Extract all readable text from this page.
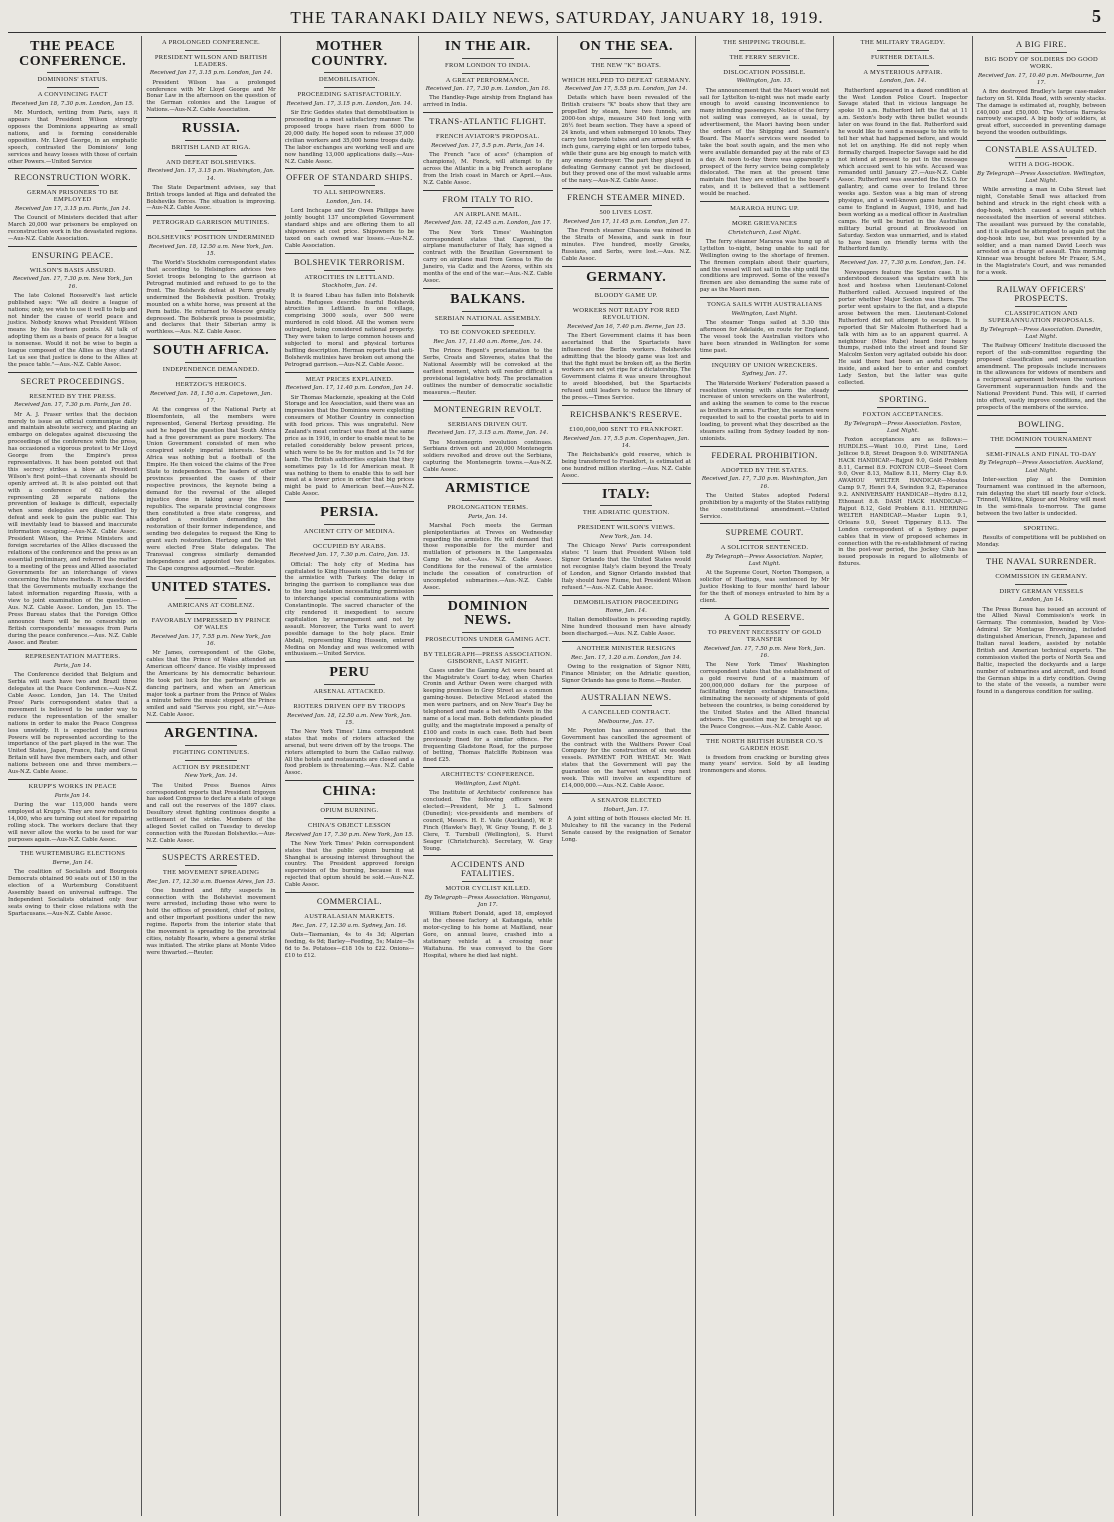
THE TARANAKI DAILY NEWS, SATURDAY, JANUARY 18, 1919.	5
THE PEACE CONFERENCE.
DOMINIONS' STATUS.
A CONVINCING FACT
Received Jan 18, 7.30 p.m. London, Jan 15.

Mr. Murdoch, writing from Paris, says it appears that President Wilson strongly opposes the Dominions appearing as small nations, and is forming considerable opposition. Mr. Lloyd George, in an emphatic speech, contrasted the Dominions' long services and heavy losses with those of certain other Powers.—United Service

RECONSTRUCTION WORK.
GERMAN PRISONERS TO BE EMPLOYED
Received Jan 17, 3.15 p.m. Paris, Jan 14.

The Council of Ministers decided that after March 20,000 war prisoners be employed on reconstruction work in the devastated regions.—Aus-N.Z. Cable Association.

ENSURING PEACE.
WILSON'S BASIS ABSURD.
Received Jan. 17, 7.30 p.m. New York, Jan 16.

The late Colonel Roosevelt's last article published says: "We all desire a league of nations; only, we wish to use it well to help and not hinder the cause of world peace and justice. Nobody knows what President Wilson means by his fourteen points. All talk of adopting them as a basis of peace for a league is nonsense. Would it not be wise to begin a league composed of the Allies as they stand? Let us see that justice is done to the Allies at the peace table."—Aus.-N.Z. Cable Assoc.

SECRET PROCEEDINGS.
RESENTED BY THE PRESS.
Received Jan. 17, 7.30 p.m. Paris, Jan 16.

Mr A. J. Fraser writes that the decision merely to issue an official communique daily and maintain absolute secrecy, and placing an embargo on delegates against discussing the proceedings of the conference with the press, has occasioned a vigorous protest to Mr Lloyd George from the Empire's press representatives. It has been pointed out that this secrecy strikes a blow at President Wilson's first point—that covenants should be openly arrived at. It is also pointed out that with a conference of 62 delegates representing 28 separate nations the prevention of leakage is difficult, especially when some delegates are disgruntled by defeat and seek to gain the public ear. This will inevitably lead to biassed and inaccurate information escaping.—Aus-N.Z. Cable Assoc. President Wilson, the Prime Ministers and foreign secretaries of the Allies discussed the relations of the conference and the press as an essential preliminary, and referred the matter to a meeting of the press and Allied associated Governments for an interchange of views concerning the future methods. It was decided that the Governments mutually exchange the latest information regarding Russia, with a view to joint examination of the question.—Aus. N.Z. Cable Assoc. London, Jan 15. The Press Bureau states that the Foreign Office announce there will be no censorship on British correspondents' messages from Paris during the peace conference.—Aus. N.Z. Cable Assoc. and Reuter.

REPRESENTATION MATTERS.
Paris, Jan 14.

The Conference decided that Belgium and Serbia will each have two and Brazil three delegates at the Peace Conference.—Aus-N.Z. Cable Assoc. London, Jan 14. The United Press' Paris correspondent states that a movement is believed to be under way to reduce the representation of the smaller nations in order to make the Peace Congress less unwieldy. It is expected the various Powers will be represented according to the importance of the part played in the war. The United States, Japan, France, Italy and Great Britain will have five members each, and other nations between one and three members.—Aus-N.Z. Cable Assoc.

KRUPP'S WORKS IN PEACE
Paris Jan 14.

During the war 115,000 hands were employed at Krupp's. They are now reduced to 14,000, who are turning out steel for repairing rolling stock. The workers declare that they will never allow the works to be used for war purposes again.—Aus-N.Z. Cable Assoc.

THE WURTEMBURG ELECTIONS
Berne, Jan 14.

The coalition of Socialists and Bourgeois Democrats obtained 90 seats out of 150 in the election of a Wurtemburg Constituent Assembly based on universal suffrage. The Independent Socialists obtained only four seats owing to their close relations with the Spartacusans.—Aus-N.Z. Cable Assoc.

A PROLONGED CONFERENCE.
PRESIDENT WILSON AND BRITISH LEADERS.
Received Jan 17, 3.15 p.m. London, Jan 14.

President Wilson has a prolonged conference with Mr Lloyd George and Mr Bonar Law in the afternoon on the question of the German colonies and the League of Nations.—Aus-N.Z. Cable Association.

RUSSIA.
BRITISH LAND AT RIGA.
AND DEFEAT BOLSHEVIKS.
Received Jan. 17, 3.15 p.m. Washington, Jan. 14.

The State Department advises, say that British troops landed at Riga and defeated the Bolsheviks forces. The situation is improving.—Aus-N.Z. Cable Assoc.

PETROGRAD GARRISON MUTINIES.
BOLSHEVIKS' POSITION UNDERMINED
Received Jan. 18, 12.50 a.m. New York, Jan. 15.

The World's Stockholm correspondent states that according to Helsingfors advices two Soviet troops belonging to the garrison at Petrograd mutinied and refused to go to the front. The Bolshevik defeat at Perm greatly undermined the Bolshevik position. Trotsky, mounted on a white horse, was present at the Perm battle. He returned to Moscow greatly depressed. The Bolshevik press is pessimistic, and declares that their Siberian army is worthless.—Aus. N.Z. Cable Assoc.

SOUTH AFRICA.
INDEPENDENCE DEMANDED.
HERTZOG'S HEROICS.
Received Jan. 18, 1.50 a.m. Capetown, Jan. 17.

At the congress of the National Party at Bloemfontein, all the members were represented, General Hertzog presiding. He said he hoped the question that South Africa had a free government as pure mockery. The Union Government consisted of men who conspired solely imperial interests. South Africa was nothing but a football of the Empire. He then voiced the claims of the Free State to independence. The leaders of other provinces presented the cases of their respective provinces, the keynote being a demand for the reversal of the alleged injustice done in taking away the Boer republics. The separate provincial congresses then constituted a free state congress, and adopted a resolution demanding the restoration of their former independence, and sending two delegates to request the King to grant such restoration. Hertzog and De Wet were elected Free State delegates. The Transvaal congress similarly demanded independence and appointed two delegates. The Cape congress adjourned.—Reuter.

UNITED STATES.
AMERICANS AT COBLENZ.
FAVORABLY IMPRESSED BY PRINCE OF WALES
Received Jan. 17, 7.55 p.m. New York, Jan 16.

Mr James, correspondent of the Globe, cables that the Prince of Wales attended an American officers' dance. He visibly impressed the Americans by his democratic behaviour. He took pot luck for the partners' girls as dancing partners, and when an American major took a partner from the Prince of Wales a minute before the music stopped the Prince smiled and said "Serves you right, sir."—Aus-N.Z. Cable Assoc.

ARGENTINA.
FIGHTING CONTINUES.
ACTION BY PRESIDENT
New York, Jan. 14.

The United Press Buenos Aires correspondent reports that President Irigoyen has asked Congress to declare a state of siege and call out the reserves of the 1897 class. Desultory street fighting continues despite a settlement of the strike. Members of the alleged Soviet called on Tuesday to develop connection with the Russian Bolsheviks.—Aus-N.Z. Cable Assoc.

SUSPECTS ARRESTED.
THE MOVEMENT SPREADING
Rec Jan. 17, 12.30 a.m. Buenos Aires, Jan 15.

One hundred and fifty suspects in connection with the Bolshevist movement were arrested, including those who were to hold the offices of president, chief of police, and other important positions under the new regime. Reports from the interior state that the movement is spreading to the provincial cities, notably Rosario, where a general strike was initiated. The strike plans at Monte Video were thwarted.—Reuter.

MOTHER COUNTRY.
DEMOBILISATION.
PROCEEDING SATISFACTORILY.
Received Jan. 17, 3.15 p.m. London, Jan. 14.

Sir Eric Geddes states that demobilisation is proceeding in a most satisfactory manner. The proposed troops have risen from 6000 to 20,000 daily. He hoped soon to release 37,000 civilian workers and 35,000 home troops daily. The labor exchanges are working well and are now handling 13,000 applications daily.—Aus-N.Z. Cable Assoc.

OFFER OF STANDARD SHIPS.
TO ALL SHIPOWNERS.
London, Jan. 14.

Lord Inchcape and Sir Owen Philipps have jointly bought 137 uncompleted Government standard ships and are offering them to all shipowners at cost price. Shipowners to be taxed on each owned war losses.—Aus-N.Z. Cable Association.

BOLSHEVIK TERRORISM.
ATROCITIES IN LETTLAND.
Stockholm, Jan. 14.

It is feared Libau has fallen into Bolshevik hands. Refugees describe fearful Bolshevik atrocities in Lettland. In one village, comprising 3000 souls, over 500 were murdered in cold blood. All the women were outraged, being considered national property. They were taken to large common houses and subjected to moral and physical tortures baffling description. Herman reports that anti-Bolshevik mutinies have broken out among the Petrograd garrison.—Aus-N.Z. Cable Assoc.

MEAT PRICES EXPLAINED.
Received Jan. 17, 11.40 p.m. London, Jan 14.

Sir Thomas Mackenzie, speaking at the Cold Storage and Ice Association, said there was an impression that the Dominions were exploiting consumers of Mother Country in connection with food prices. This was ungrateful. New Zealand's meat contract was fixed at the same price as in 1916, in order to enable meat to be retailed considerably below present prices, which were to be 9s for mutton and 1s 7d for lamb. The British authorities explain that they sometimes pay 1s 1d for American meat. It was nothing to them to enable this to sell her meat at a lower price in order that big prices might be paid to American beef.—Aus-N.Z. Cable Assoc.

PERSIA.
ANCIENT CITY OF MEDINA.
OCCUPIED BY ARABS.
Received Jan. 17, 7.30 p.m. Cairo, Jan. 15.

Official: The holy city of Medina has capitulated to King Hussein under the terms of the armistice with Turkey. The delay in bringing the garrison to compliance was due to the long isolation necessitating permission to interchange special communications with Constantinople. The sacred character of the city rendered it inexpedient to secure capitulation by arrangement and not by assault. Moreover, the Turks want to avert possible damage to the holy place. Emir Abdali, representing King Hussein, entered Medina on Monday and was welcomed with enthusiasm.—United Service.

PERU
ARSENAL ATTACKED.
RIOTERS DRIVEN OFF BY TROOPS
Received Jan. 18, 12.50 a.m. New York, Jan. 15.

The New York Times' Lima correspondent states that mobs of rioters attacked the arsenal, but were driven off by the troops. The rioters attempted to burn the Callao railway. All the hotels and restaurants are closed and a food problem is threatening.—Aus. N.Z. Cable Assoc.

CHINA:
OPIUM BURNING.
CHINA'S OBJECT LESSON
Received Jan 17, 7.30 p.m. New York, Jan 15.

The New York Times' Pekin correspondent states that the public opium burning at Shanghai is arousing interest throughout the country. The President approved foreign supervision of the burning, because it was rejected that opium should be sold.—Aus-N.Z. Cable Assoc.

COMMERCIAL.
AUSTRALASIAN MARKETS.
Rec. Jan. 17, 12.30 a.m. Sydney, Jan. 16.

Oats—Tasmanian, 4s to 4s 3d; Algerian feeding, 4s 9d; Barley—Feeding, 5s; Maize—5s 6d to 5s. Potatoes—£18 10s to £22. Onions—£10 to £12.

IN THE AIR.
FROM LONDON TO INDIA.
A GREAT PERFORMANCE.
Received Jan. 17, 7.30 p.m. London, Jan 16.

The Handley-Page airship from England has arrived in India.

TRANS-ATLANTIC FLIGHT.
FRENCH AVIATOR'S PROPOSAL.
Received Jan. 17, 5.5 p.m. Paris, Jan 14.

The French "ace of aces" (champion of champions), M. Fonck, will attempt to fly across the Atlantic in a big French aeroplane from the Irish coast in March or April.—Aus. N.Z. Cable Assoc.

FROM ITALY TO RIO.
AN AIRPLANE MAIL.
Received Jan. 18, 12.45 a.m. London, Jan 17.

The New York Times' Washington correspondent states that Caproni, the airplane manufacturer of Italy, has signed a contract with the Brazilian Government to carry on airplane mail from Genoa to Rio de Janeiro, via Cadiz and the Azores, within six months of the end of the war.—Aus.-N.Z. Cable Assoc.

BALKANS.
SERBIAN NATIONAL ASSEMBLY.
TO BE CONVOKED SPEEDILY.
Rec Jan. 17, 11.40 a.m. Rome, Jan. 14.

The Prince Regent's proclamation to the Serbs, Croats and Slovenes, states that the National Assembly will be convoked at the earliest moment, which will render difficult a provisional legislative body. The proclamation outlines the number of democratic socialistic measures.—Reuter.

MONTENEGRIN REVOLT.
SERBIANS DRIVEN OUT.
Received Jan. 17, 3.15 a.m. Rome, Jan. 14.

The Montenegrin revolution continues. Serbians driven out and 20,000 Montenegrin soldiers revolted and drove out the Serbians, capturing the Montenegrin towns.—Aus-N.Z. Cable Assoc.

ARMISTICE
PROLONGATION TERMS.
Paris, Jan. 14.

Marshal Foch meets the German plenipotentiaries at Treves on Wednesday regarding the armistice. He will demand that those responsible for the murder and mutilation of prisoners in the Langensalza Camp be shot.—Aus. N.Z. Cable Assoc. Conditions for the renewal of the armistice include the cessation of construction of uncompleted submarines.—Aus.-N.Z. Cable Assoc.

DOMINION NEWS.
PROSECUTIONS UNDER GAMING ACT.
BY TELEGRAPH—PRESS ASSOCIATION. GISBORNE, LAST NIGHT.

Cases under the Gaming Act were heard at the Magistrate's Court to-day, when Charles Cronin and Arthur Owen were charged with keeping premises in Grey Street as a common gaming-house. Detective McLeod stated the men were partners, and on New Year's Day he telephoned and made a bet with Owen in the name of a local man. Both defendants pleaded guilty, and the magistrate imposed a penalty of £100 and costs in each case. Both had been previously fined for a similar offence. For frequenting Gladstone Road, for the purpose of betting, Thomas Ratcliffe Robinson was fined £25.

ARCHITECTS' CONFERENCE.
Wellington, Last Night.

The Institute of Architects' conference has concluded. The following officers were elected:—President, Mr J. L. Salmond (Dunedin); vice-presidents and members of council, Messrs. H. E. Vaile (Auckland), W. P. Finch (Hawke's Bay), W. Gray Young, F. de J. Clere, T. Turnbull (Wellington), S. Hurst Seager (Christchurch). Secretary, W. Gray Young.

ACCIDENTS AND FATALITIES.
MOTOR CYCLIST KILLED.
By Telegraph—Press Association. Wanganui, Jan 17.

William Robert Donald, aged 18, employed at the cheese factory at Kaitangata, while motor-cycling to his home at Maitland, near Gore, on annual leave, crashed into a stationary vehicle at a crossing near Waitahuna. He was conveyed to the Gore Hospital, where he died last night.

ON THE SEA.
THE NEW "K" BOATS.
WHICH HELPED TO DEFEAT GERMANY.
Received Jan 17, 5.55 p.m. London, Jan 14.

Details which have been revealed of the British cruisers "K" boats show that they are propelled by steam, have two funnels, are 2000-ton ships, measure 340 feet long with 26½ feet beam section. They have a speed of 24 knots, and when submerged 10 knots. They carry ten torpedo tubes and are armed with 4-inch guns, carrying eight or ten torpedo tubes, while their guns are big enough to match with any enemy destroyer. The part they played in defeating Germany cannot yet be disclosed, but they proved one of the most valuable arms of the navy.—Aus-N.Z. Cable Assoc.

FRENCH STEAMER MINED.
500 LIVES LOST.
Received Jan 17, 11.45 p.m. London, Jan 17.

The French steamer Chaouia was mined in the Straits of Messina, and sank in four minutes. Five hundred, mostly Greeks, Russians, and Serbs, were lost.—Aus. N.Z. Cable Assoc.

GERMANY.
BLOODY GAME UP.
WORKERS NOT READY FOR RED REVOLUTION.
Received Jan 16, 7.40 p.m. Berne, Jan 15.

The Ebert Government claims it has been ascertained that the Spartacists have influenced the Berlin workers. Bolsheviks admitting that the bloody game was lost and that the fight must be broken off, as the Berlin workers are not yet ripe for a dictatorship. The Government claims it was unsure throughout to avoid bloodshed, but the Spartacists refused until leaders to reduce the library of the press.—Times Service.

REICHSBANK'S RESERVE.
£100,000,000 SENT TO FRANKFORT.
Received Jan. 17, 5.5 p.m. Copenhagen, Jan. 14.

The Reichsbank's gold reserve, which is being transferred to Frankfort, is estimated at one hundred million sterling.—Aus. N.Z. Cable Assoc.

ITALY:
THE ADRIATIC QUESTION.
PRESIDENT WILSON'S VIEWS.
New York, Jan. 14.

The Chicago News' Paris correspondent states: "I learn that President Wilson told Signor Orlando that the United States would not recognise Italy's claim beyond the Treaty of London, and Signor Orlando insisted that Italy should have Fiume, but President Wilson refused."—Aus.-N.Z. Cable Assoc.

DEMOBILISATION PROCEEDING
Rome, Jan. 14.

Italian demobilisation is proceeding rapidly. Nine hundred thousand men have already been discharged.—Aus. N.Z. Cable Assoc.

ANOTHER MINISTER RESIGNS
Rec. Jan. 17, 1.20 a.m. London, Jan 14.

Owing to the resignation of Signor Nitti, Finance Minister, on the Adriatic question, Signor Orlando has gone to Rome.—Reuter.

AUSTRALIAN NEWS.
A CANCELLED CONTRACT.
Melbourne, Jan. 17.

Mr. Poynton has announced that the Government has cancelled the agreement of the contract with the Walthers Power Coal Company for the construction of six wooden vessels. PAYMENT FOR WHEAT. Mr. Watt states that the Government will pay the guarantee on the harvest wheat crop next week. This will involve an expenditure of £14,000,000.—Aus.-N.Z. Cable Assoc.

A SENATOR ELECTED
Hobart, Jan. 17.

A joint sitting of both Houses elected Mr. H. Mulcahey to fill the vacancy in the Federal Senate caused by the resignation of Senator Long.

THE SHIPPING TROUBLE.
THE FERRY SERVICE.
DISLOCATION POSSIBLE.
Wellington, Jan. 15.

The announcement that the Maori would not sail for Lyttelton to-night was not made early enough to avoid causing inconvenience to many intending passengers. Notice of the ferry not sailing was conveyed, as is usual, by advertisement, the Maori having been under the orders of the Shipping and Seamen's Board. The Maori's services were needed to take the boat south again, and the men who were available demanded pay at the rate of £3 a day. At noon to-day there was apparently a prospect of the ferry service being completely dislocated. The men at the present time maintain that they are entitled to the board's rates, and it is believed that a settlement would be reached.

MARAROA HUNG UP.
MORE GRIEVANCES
Christchurch, Last Night.

The ferry steamer Mararoa was hung up at Lyttelton to-night, being unable to sail for Wellington owing to the shortage of firemen. The firemen complain about their quarters, and the vessel will not sail in the ship until the conditions are improved. Some of the vessel's firemen are also demanding the same rate of pay as the Maori men.

TONGA SAILS WITH AUSTRALIANS
Wellington, Last Night.

The steamer Tonga sailed at 5.30 this afternoon for Adelaide, en route for England. The vessel took the Australian visitors who have been stranded in Wellington for some time past.

INQUIRY OF UNION WRECKERS.
Sydney, Jan. 17.

The Waterside Workers' Federation passed a resolution viewing with alarm the steady increase of union wreckers on the waterfront, and asking the seamen to come to the rescue as brothers in arms. Further, the seamen were requested to sail to the coastal ports to aid in loading, to prevent what they described as the steamers sailing from Sydney loaded by non-unionists.

FEDERAL PROHIBITION.
ADOPTED BY THE STATES.
Received Jan. 17, 7.30 p.m. Washington, Jan 16.

The United States adopted Federal prohibition by a majority of the States ratifying the constitutional amendment.—United Service.

SUPREME COURT.
A SOLICITOR SENTENCED.
By Telegraph—Press Association. Napier, Last Night.

At the Supreme Court, Norton Thompson, a solicitor of Hastings, was sentenced by Mr Justice Hosking to four months' hard labour for the theft of moneys entrusted to him by a client.

A GOLD RESERVE.
TO PREVENT NECESSITY OF GOLD TRANSFER
Received Jan. 17, 7.50 p.m. New York, Jan. 16.

The New York Times' Washington correspondent states that the establishment of a gold reserve fund of a maximum of 200,000,000 dollars for the purpose of facilitating foreign exchange transactions, eliminating the necessity of shipments of gold between the countries, is being considered by the United States and the Allied financial advisers. The question may be brought up at the Peace Congress.—Aus.-N.Z. Cable Assoc.

THE NORTH BRITISH RUBBER CO.'S GARDEN HOSE

is freedom from cracking or bursting gives many years' service. Sold by all leading ironmongers and stores.

THE MILITARY TRAGEDY.
FURTHER DETAILS.
A MYSTERIOUS AFFAIR.
London, Jan. 14.

Rutherford appeared in a dazed condition at the West London Police Court. Inspector Savage stated that in vicious language he spoke 10 a.m. Rutherford left the flat at 11 a.m. Sexton's body with three bullet wounds later on was found in the flat. Rutherford said he would like to send a message to his wife to tell her what had happened before, and would not let on anything. He did not reply when formally charged. Inspector Savage said he did not intend at present to put in the message which accused sent to his wife. Accused was remanded until January 27.—Aus-N.Z. Cable Assoc. Rutherford was awarded the D.S.O. for gallantry, and came over to Ireland three weeks ago. Sexton was a big man of strong physique, and a well-known game hunter. He came to England in August, 1916, and had been working as a medical officer in Australian camps. He will be buried in the Australian military burial ground at Brookwood on Saturday. Sexton was unmarried, and is stated to have been on friendly terms with the Rutherford family.

Received Jan. 17, 7.30 p.m. London, Jan. 14.

Newspapers feature the Sexton case. It is understood deceased was upstairs with his host and hostess when Lieutenant-Colonel Rutherford called. Accused inquired of the porter whether Major Sexton was there. The porter went upstairs to the flat, and a dispute arose between the men. Lieutenant-Colonel Rutherford did not attempt to escape. It is reported that Sir Malcolm Rutherford had a talk with him as to an apparent quarrel. A neighbour (Miss Rabe) heard four heavy thumps, rushed into the street and found Sir Malcolm Sexton very agitated outside his door. He said there had been an awful tragedy inside, and asked her to enter and comfort Lady Sexton, but the latter was quite collected.

SPORTING.
FOXTON ACCEPTANCES.
By Telegraph—Press Association. Foxton, Last Night.

Foxton acceptances are as follows:—HURDLES.—Want 10.0, First Line, Lord Jellicoe 9.8, Street Dragoon 9.0. WINDTANGA HACK HANDICAP.—Rajput 9.0, Gold Problem 8.11, Carmel 8.9. FOXTON CUP.—Sweet Corn 9.0, Over 8.13, Mallow 8.11, Merry Clay 8.9. AWAHOU WELTER HANDICAP.—Moutoa Camp 9.7, Henri 9.4, Swindon 9.2, Esperance 9.2. ANNIVERSARY HANDICAP.—Hydro 8.12, Ethonaut 8.8. DASH HACK HANDICAP.—Rajput 8.12, Gold Problem 8.11. HERRING WELTER HANDICAP.—Master Lupin 9.1, Orleans 9.0, Sweet Tipperary 8.13. The London correspondent of a Sydney paper cables that in view of proposed schemes in connection with the re-establishment of racing in the post-war period, the Jockey Club has issued proposals in regard to allotments of fixtures.

A BIG FIRE.
BIG BODY OF SOLDIERS DO GOOD WORK.
Received Jan. 17, 10.40 p.m. Melbourne, Jan 17.

A fire destroyed Bradley's large case-maker factory on St. Kilda Road, with seventy stacks. The damage is estimated at, roughly, between £40,000 and £50,000. The Victoria Barracks narrowly escaped. A big body of soldiers, at great effort, succeeded in preventing damage beyond the wooden outbuildings.

CONSTABLE ASSAULTED.
WITH A DOG-HOOK.
By Telegraph—Press Association. Wellington, Last Night.

While arresting a man in Cuba Street last night, Constable Small was attacked from behind and struck in the right cheek with a dog-hook, which caused a wound which necessitated the insertion of several stitches. The assailant was pursued by the constable, and it is alleged he attempted to again put the dog-hook into use, but was prevented by a soldier, and a man named David Leech was arrested on a charge of assault. This morning Kinnear was brought before Mr Frazer, S.M., in the Magistrate's Court, and was remanded for a week.

RAILWAY OFFICERS' PROSPECTS.
CLASSIFICATION AND SUPERANNUATION PROPOSALS.
By Telegraph—Press Association. Dunedin, Last Night.

The Railway Officers' Institute discussed the report of the sub-committee regarding the proposed classification and superannuation amendment. The proposals include increases in the allowances for widows of members and a reciprocal agreement between the various Government superannuation funds and the National Provident Fund. This will, if carried into effect, vastly improve conditions, and the prospects of the members of the service.

BOWLING.
THE DOMINION TOURNAMENT
SEMI-FINALS AND FINAL TO-DAY
By Telegraph—Press Association. Auckland, Last Night.

Inter-section play at the Dominion Tournament was continued in the afternoon, rain delaying the start till nearly four o'clock. Trinnell, Wilkins, Kilgour and Molroy will meet in the semi-finals to-morrow. The game between the two latter is undecided.

SPORTING.

Results of competitions will be published on Monday.

THE NAVAL SURRENDER.
COMMISSION IN GERMANY.
DIRTY GERMAN VESSELS
London, Jan 14.

The Press Bureau has issued an account of the Allied Naval Commission's work in Germany. The commission, headed by Vice-Admiral Sir Montague Browning, included distinguished American, French, Japanese and Italian naval leaders, assisted by notable British and American technical experts. The commission visited the ports of North Sea and Baltic, inspected the dockyards and a large number of submarines and aircraft, and found the German ships in a dirty condition. Owing to the state of the vessels, a number were found in a dangerous condition for sailing.
